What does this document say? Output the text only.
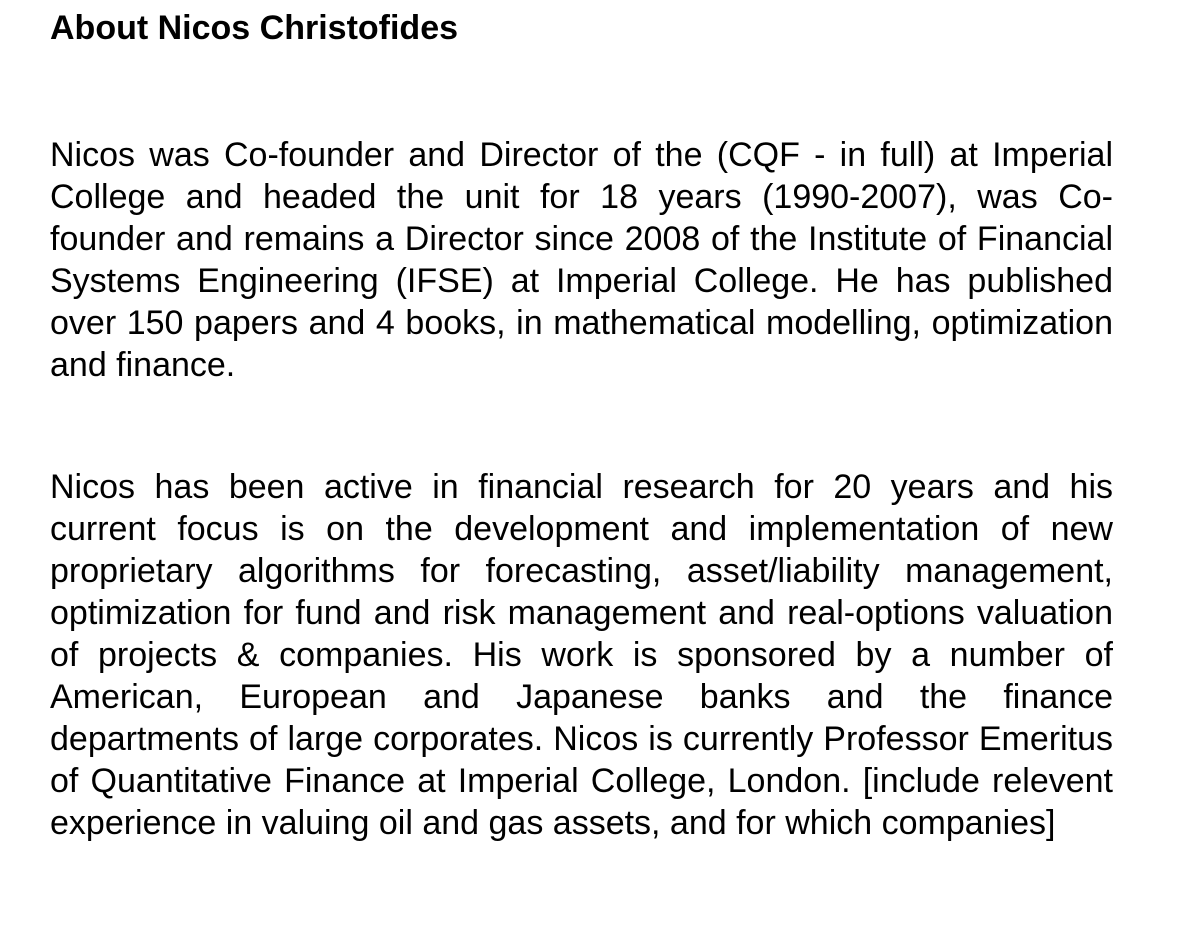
About Nicos Christofides

Nicos was Co-founder and Director of the (CQF - in full) at Imperial College and headed the unit for 18 years (1990-2007), was Co-founder and remains a Director since 2008 of the Institute of Financial Systems Engineering (IFSE) at Imperial College. He has published over 150 papers and 4 books, in mathematical modelling, optimization and finance.

Nicos has been active in financial research for 20 years and his current focus is on the development and implementation of new proprietary algorithms for forecasting, asset/liability management, optimization for fund and risk management and real-options valuation of projects & companies. His work is sponsored by a number of American, European and Japanese banks and the finance departments of large corporates. Nicos is currently Professor Emeritus of Quantitative Finance at Imperial College, London. [include relevent experience in valuing oil and gas assets, and for which companies]
